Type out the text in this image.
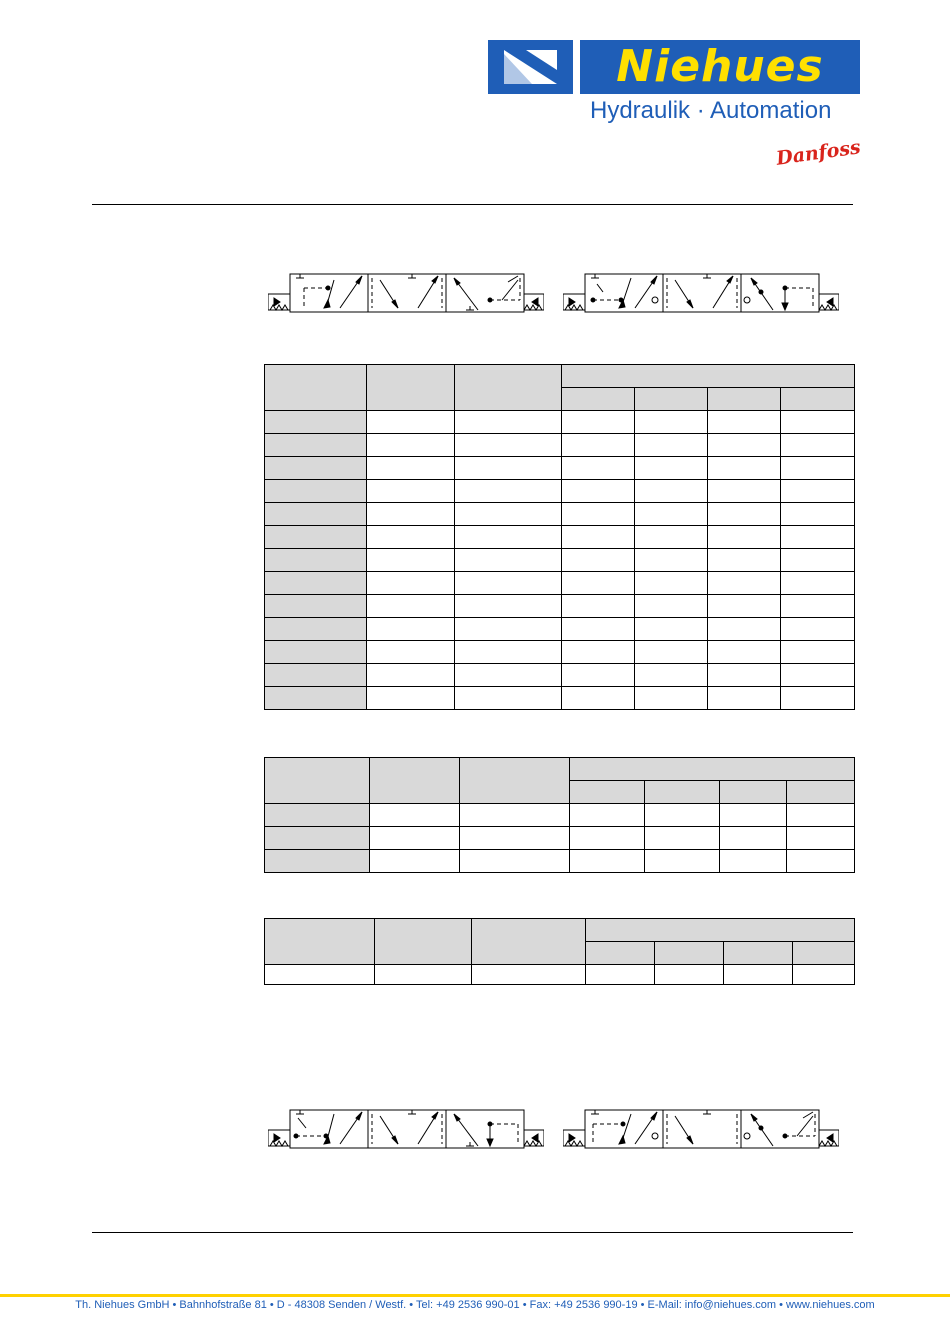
Niehues
Hydraulik · Automation
Danfoss

Th. Niehues GmbH • Bahnhofstraße 81 • D - 48308 Senden / Westf. • Tel: +49 2536 990-01 • Fax: +49 2536 990-19 • E-Mail: info@niehues.com • www.niehues.com
